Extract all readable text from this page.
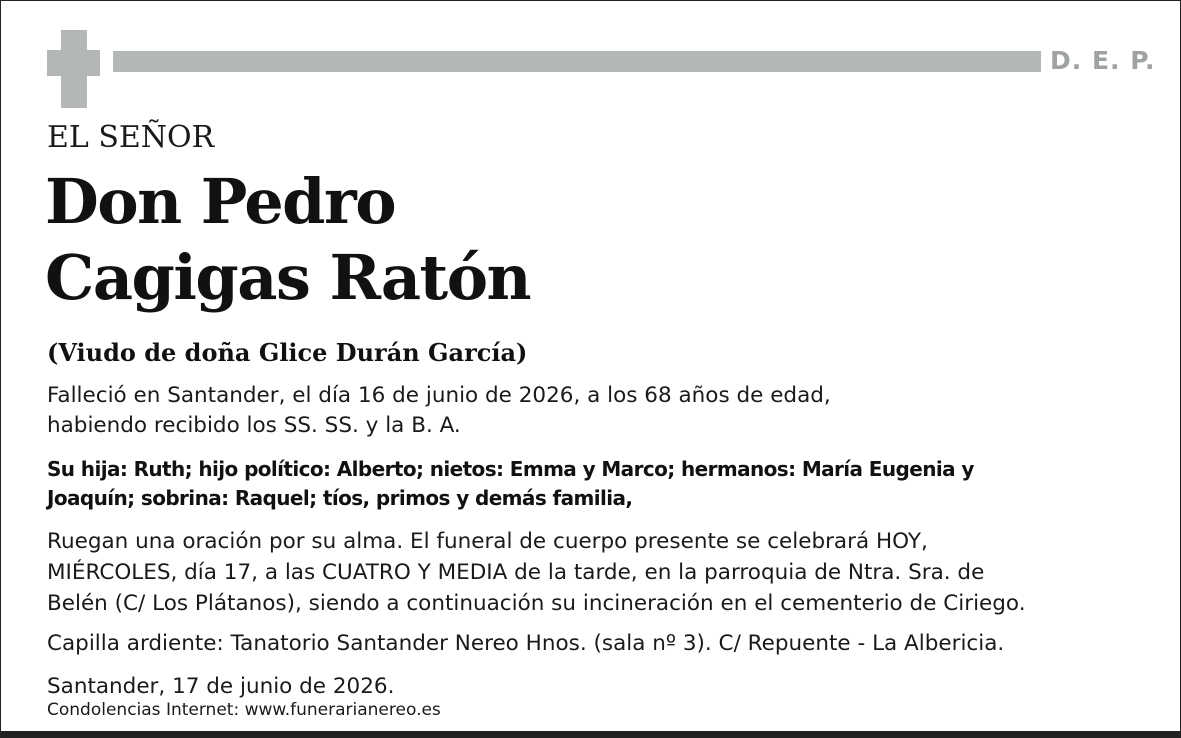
D. E. P.
EL SEÑOR
Don Pedro
Cagigas Ratón
(Viudo de doña Glice Durán García)

Falleció en Santander, el día 16 de junio de 2026, a los 68 años de edad,
habiendo recibido los SS. SS. y la B. A.

Su hija: Ruth; hijo político: Alberto; nietos: Emma y Marco; hermanos: María Eugenia y
Joaquín; sobrina: Raquel; tíos, primos y demás familia,

Ruegan una oración por su alma. El funeral de cuerpo presente se celebrará HOY,
MIÉRCOLES, día 17, a las CUATRO Y MEDIA de la tarde, en la parroquia de Ntra. Sra. de
Belén (C/ Los Plátanos), siendo a continuación su incineración en el cementerio de Ciriego.

Capilla ardiente: Tanatorio Santander Nereo Hnos. (sala nº 3). C/ Repuente - La Albericia.

Santander, 17 de junio de 2026.

Condolencias Internet: www.funerarianereo.es
